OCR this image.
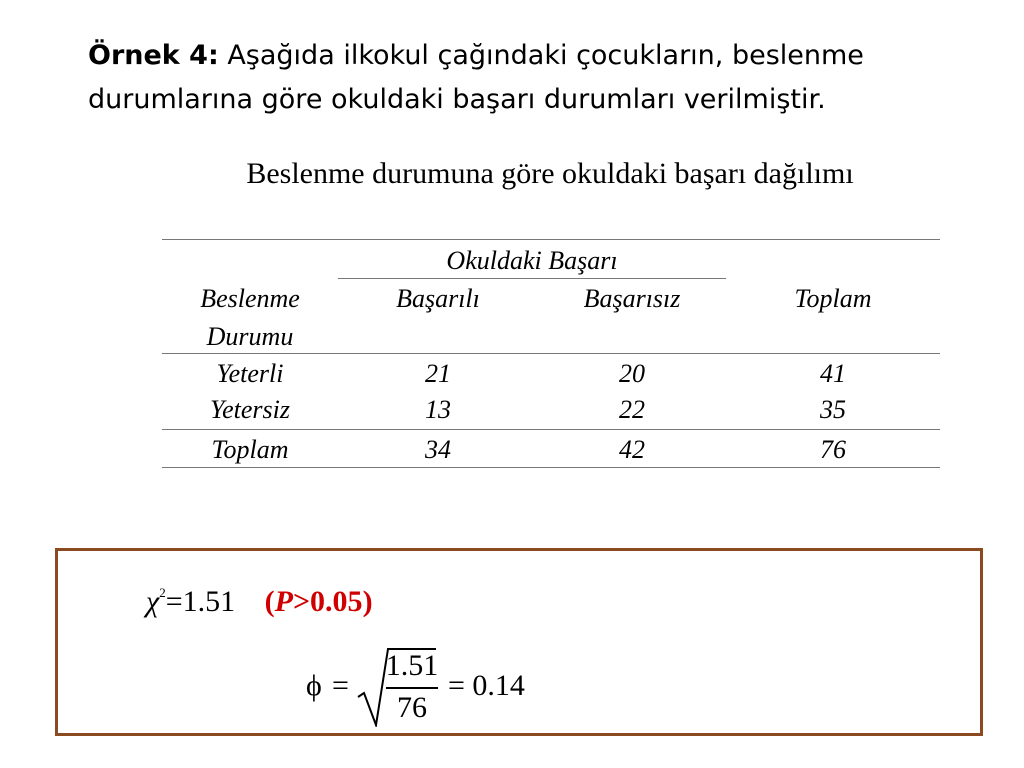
Örnek 4: Aşağıda ilkokul çağındaki çocukların, beslenme durumlarına göre okuldaki başarı durumları verilmiştir.
Beslenme durumuna göre okuldaki başarı dağılımı
Okuldaki Başarı
Beslenme
Durumu
Başarılı	Başarısız	Toplam
Yeterli	21	20	41
Yetersiz	13	22	35
Toplam	34	42	76
$\chi^2=1.51$ (P>0.05)
ϕ =
1.51
76
= 0.14
